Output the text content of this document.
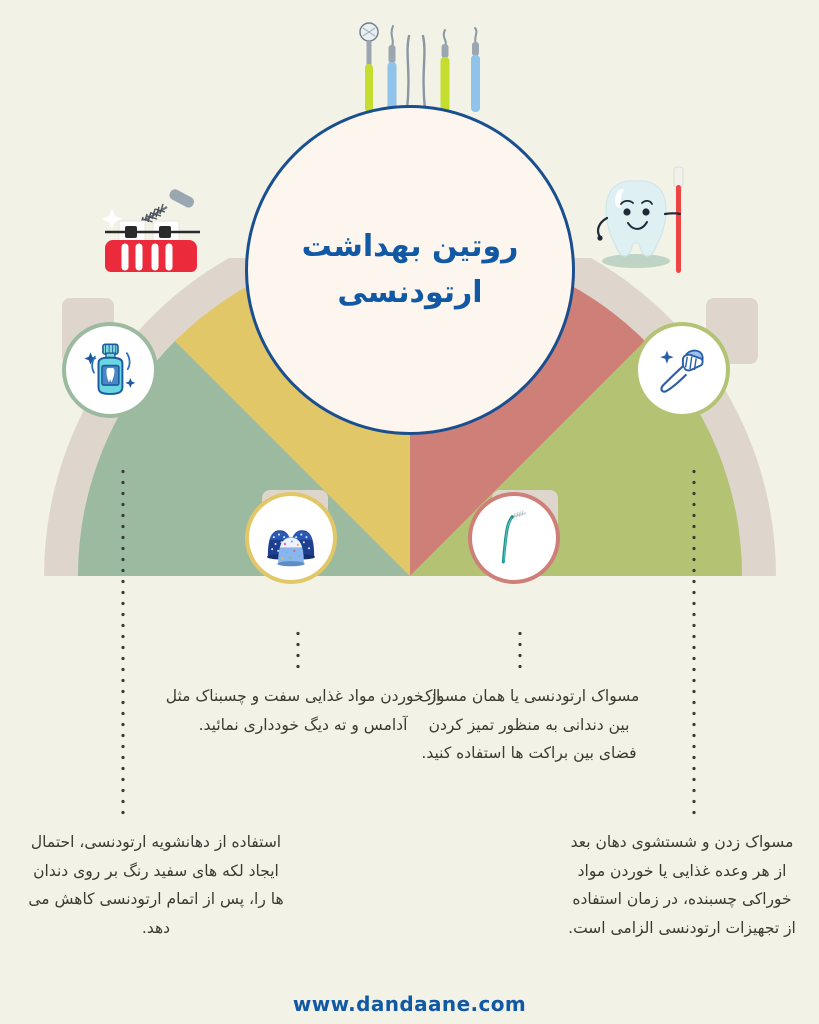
روتین بهداشت
ارتودنسی
از خوردن مواد غذایی سفت و چسبناک مثل آدامس و ته دیگ خودداری نمائید.
مسواک ارتودنسی یا همان مسواک بین دندانی به منظور تمیز کردن فضای بین براکت ها استفاده کنید.
استفاده از دهانشویه ارتودنسی، احتمال ایجاد لکه های سفید رنگ بر روی دندان ها را، پس از اتمام ارتودنسی کاهش می دهد.
مسواک زدن و شستشوی دهان بعد از هر وعده غذایی یا خوردن مواد خوراکی چسبنده، در زمان استفاده از تجهیزات ارتودنسی الزامی است.
www.dandaane.com
